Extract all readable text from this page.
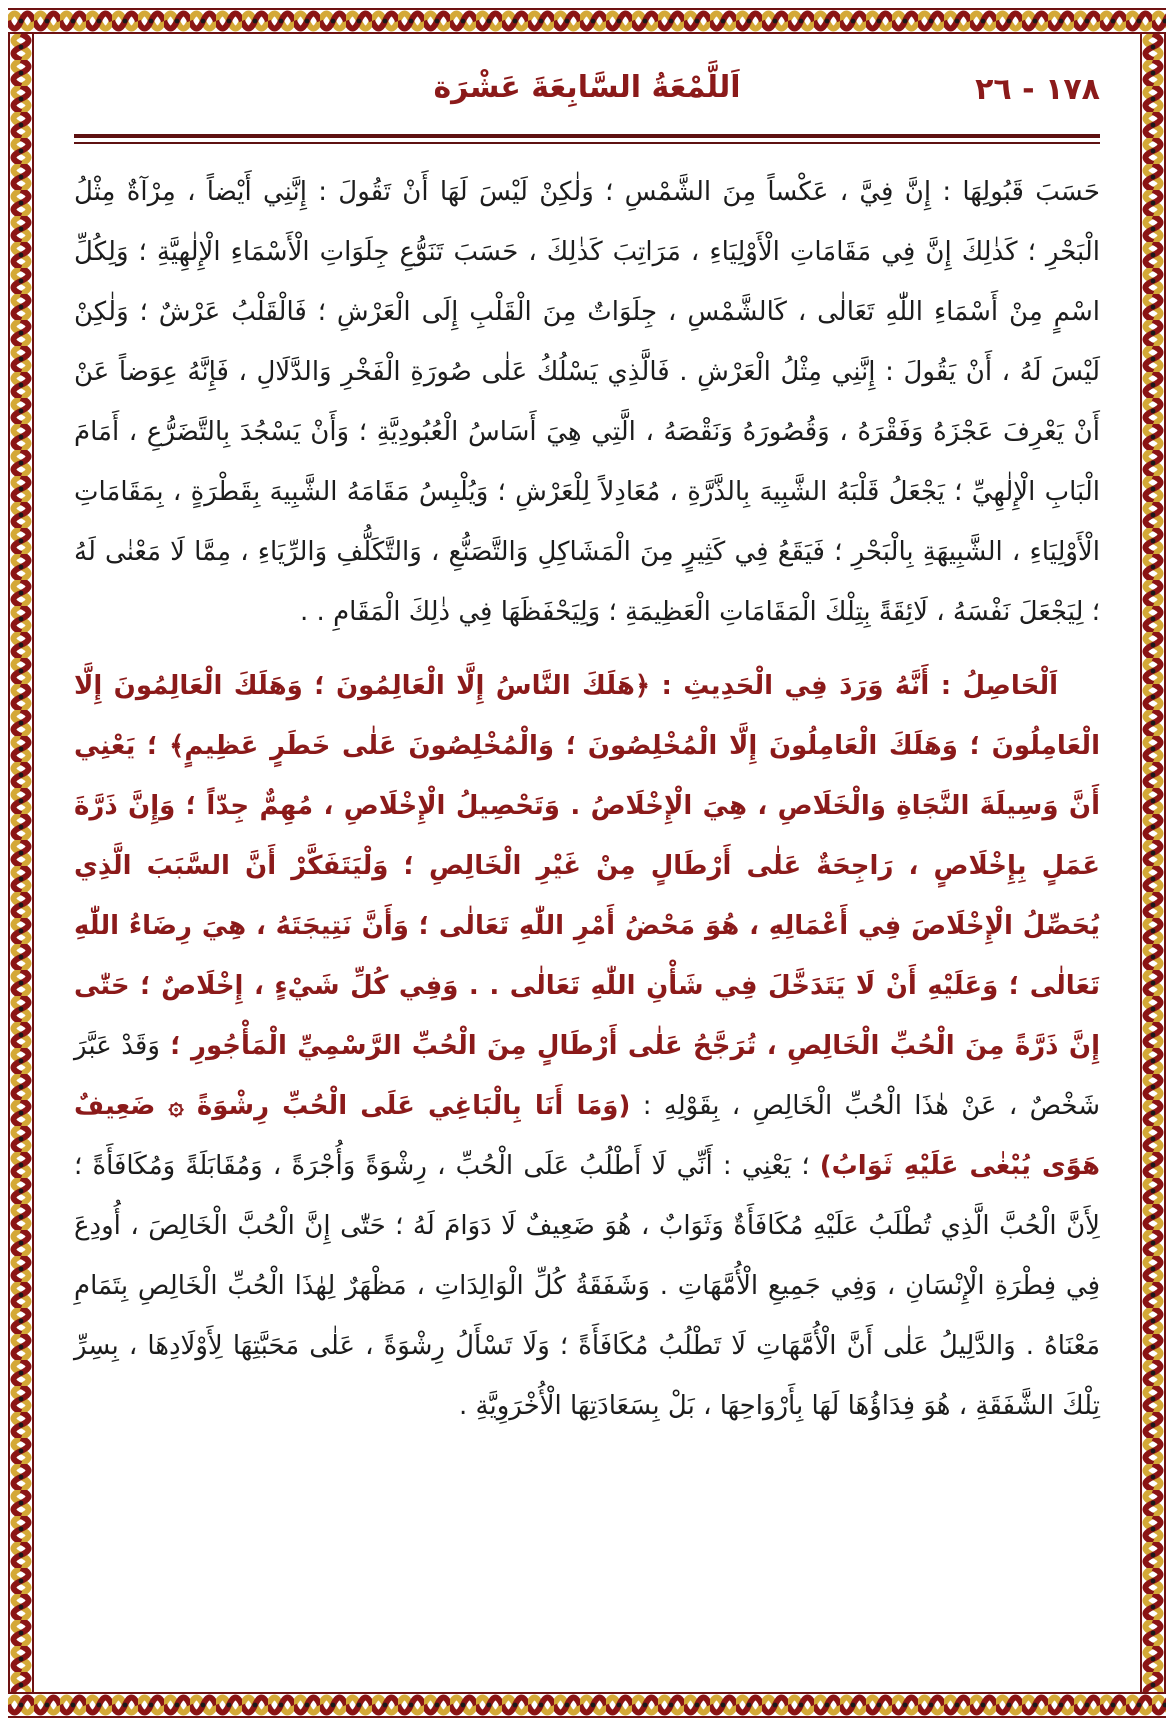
١٧٨ - ٢٦
اَللَّمْعَةُ السَّابِعَةَ عَشْرَة

حَسَبَ قَبُولِهَا : إِنَّ فِيَّ ، عَكْساً مِنَ الشَّمْسِ ؛ وَلٰكِنْ لَيْسَ لَهَا أَنْ تَقُولَ : إِنَّنِي أَيْضاً ، مِرْآةٌ مِثْلُ الْبَحْرِ ؛ كَذٰلِكَ إِنَّ فِي مَقَامَاتِ الْأَوْلِيَاءِ ، مَرَاتِبَ كَذٰلِكَ ، حَسَبَ تَنَوُّعِ جِلَوَاتِ الْأَسْمَاءِ الْإِلٰهِيَّةِ ؛ وَلِكُلِّ اسْمٍ مِنْ أَسْمَاءِ اللّٰهِ تَعَالٰى ، كَالشَّمْسِ ، جِلَوَاتٌ مِنَ الْقَلْبِ إِلَى الْعَرْشِ ؛ فَالْقَلْبُ عَرْشٌ ؛ وَلٰكِنْ لَيْسَ لَهُ ، أَنْ يَقُولَ : إِنَّنِي مِثْلُ الْعَرْشِ . فَالَّذِي يَسْلُكُ عَلٰى صُورَةِ الْفَخْرِ وَالدَّلَالِ ، فَإِنَّهُ عِوَضاً عَنْ أَنْ يَعْرِفَ عَجْزَهُ وَفَقْرَهُ ، وَقُصُورَهُ وَنَقْصَهُ ، الَّتِي هِيَ أَسَاسُ الْعُبُودِيَّةِ ؛ وَأَنْ يَسْجُدَ بِالتَّضَرُّعِ ، أَمَامَ الْبَابِ الْإِلٰهِيِّ ؛ يَجْعَلُ قَلْبَهُ الشَّبِيهَ بِالذَّرَّةِ ، مُعَادِلاً لِلْعَرْشِ ؛ وَيُلْبِسُ مَقَامَهُ الشَّبِيهَ بِقَطْرَةٍ ، بِمَقَامَاتِ الْأَوْلِيَاءِ ، الشَّبِيهَةِ بِالْبَحْرِ ؛ فَيَقَعُ فِي كَثِيرٍ مِنَ الْمَشَاكِلِ وَالتَّصَنُّعِ ، وَالتَّكَلُّفِ وَالرِّيَاءِ ، مِمَّا لَا مَعْنٰى لَهُ ؛ لِيَجْعَلَ نَفْسَهُ ، لَائِقَةً بِتِلْكَ الْمَقَامَاتِ الْعَظِيمَةِ ؛ وَلِيَحْفَظَهَا فِي ذٰلِكَ الْمَقَامِ . .

اَلْحَاصِلُ : أَنَّهُ وَرَدَ فِي الْحَدِيثِ : ﴿هَلَكَ النَّاسُ إِلَّا الْعَالِمُونَ ؛ وَهَلَكَ الْعَالِمُونَ إِلَّا الْعَامِلُونَ ؛ وَهَلَكَ الْعَامِلُونَ إِلَّا الْمُخْلِصُونَ ؛ وَالْمُخْلِصُونَ عَلٰى خَطَرٍ عَظِيمٍ﴾ ؛ يَعْنِي أَنَّ وَسِيلَةَ النَّجَاةِ وَالْخَلَاصِ ، هِيَ الْإِخْلَاصُ . وَتَحْصِيلُ الْإِخْلَاصِ ، مُهِمٌّ جِدّاً ؛ وَإِنَّ ذَرَّةَ عَمَلٍ بِإِخْلَاصٍ ، رَاجِحَةٌ عَلٰى أَرْطَالٍ مِنْ غَيْرِ الْخَالِصِ ؛ وَلْيَتَفَكَّرْ أَنَّ السَّبَبَ الَّذِي يُحَصِّلُ الْإِخْلَاصَ فِي أَعْمَالِهِ ، هُوَ مَحْضُ أَمْرِ اللّٰهِ تَعَالٰى ؛ وَأَنَّ نَتِيجَتَهُ ، هِيَ رِضَاءُ اللّٰهِ تَعَالٰى ؛ وَعَلَيْهِ أَنْ لَا يَتَدَخَّلَ فِي شَأْنِ اللّٰهِ تَعَالٰى . . وَفِي كُلِّ شَيْءٍ ، إِخْلَاصٌ ؛ حَتّٰى إِنَّ ذَرَّةً مِنَ الْحُبِّ الْخَالِصِ ، تُرَجَّحُ عَلٰى أَرْطَالٍ مِنَ الْحُبِّ الرَّسْمِيِّ الْمَأْجُورِ ؛ وَقَدْ عَبَّرَ شَخْصٌ ، عَنْ هٰذَا الْحُبِّ الْخَالِصِ ، بِقَوْلِهِ : (وَمَا أَنَا بِالْبَاغِي عَلَى الْحُبِّ رِشْوَةً ۞ ضَعِيفٌ هَوًى يُبْغٰى عَلَيْهِ ثَوَابُ) ؛ يَعْنِي : أَنِّي لَا أَطْلُبُ عَلَى الْحُبِّ ، رِشْوَةً وَأُجْرَةً ، وَمُقَابَلَةً وَمُكَافَأَةً ؛ لِأَنَّ الْحُبَّ الَّذِي تُطْلَبُ عَلَيْهِ مُكَافَأَةٌ وَثَوَابٌ ، هُوَ ضَعِيفٌ لَا دَوَامَ لَهُ ؛ حَتّٰى إِنَّ الْحُبَّ الْخَالِصَ ، أُودِعَ فِي فِطْرَةِ الْإِنْسَانِ ، وَفِي جَمِيعِ الْأُمَّهَاتِ . وَشَفَقَةُ كُلِّ الْوَالِدَاتِ ، مَظْهَرٌ لِهٰذَا الْحُبِّ الْخَالِصِ بِتَمَامِ مَعْنَاهُ . وَالدَّلِيلُ عَلٰى أَنَّ الْأُمَّهَاتِ لَا تَطْلُبُ مُكَافَأَةً ؛ وَلَا تَسْأَلُ رِشْوَةً ، عَلٰى مَحَبَّتِهَا لِأَوْلَادِهَا ، بِسِرِّ تِلْكَ الشَّفَقَةِ ، هُوَ فِدَاؤُهَا لَهَا بِأَرْوَاحِهَا ، بَلْ بِسَعَادَتِهَا الْأُخْرَوِيَّةِ .
